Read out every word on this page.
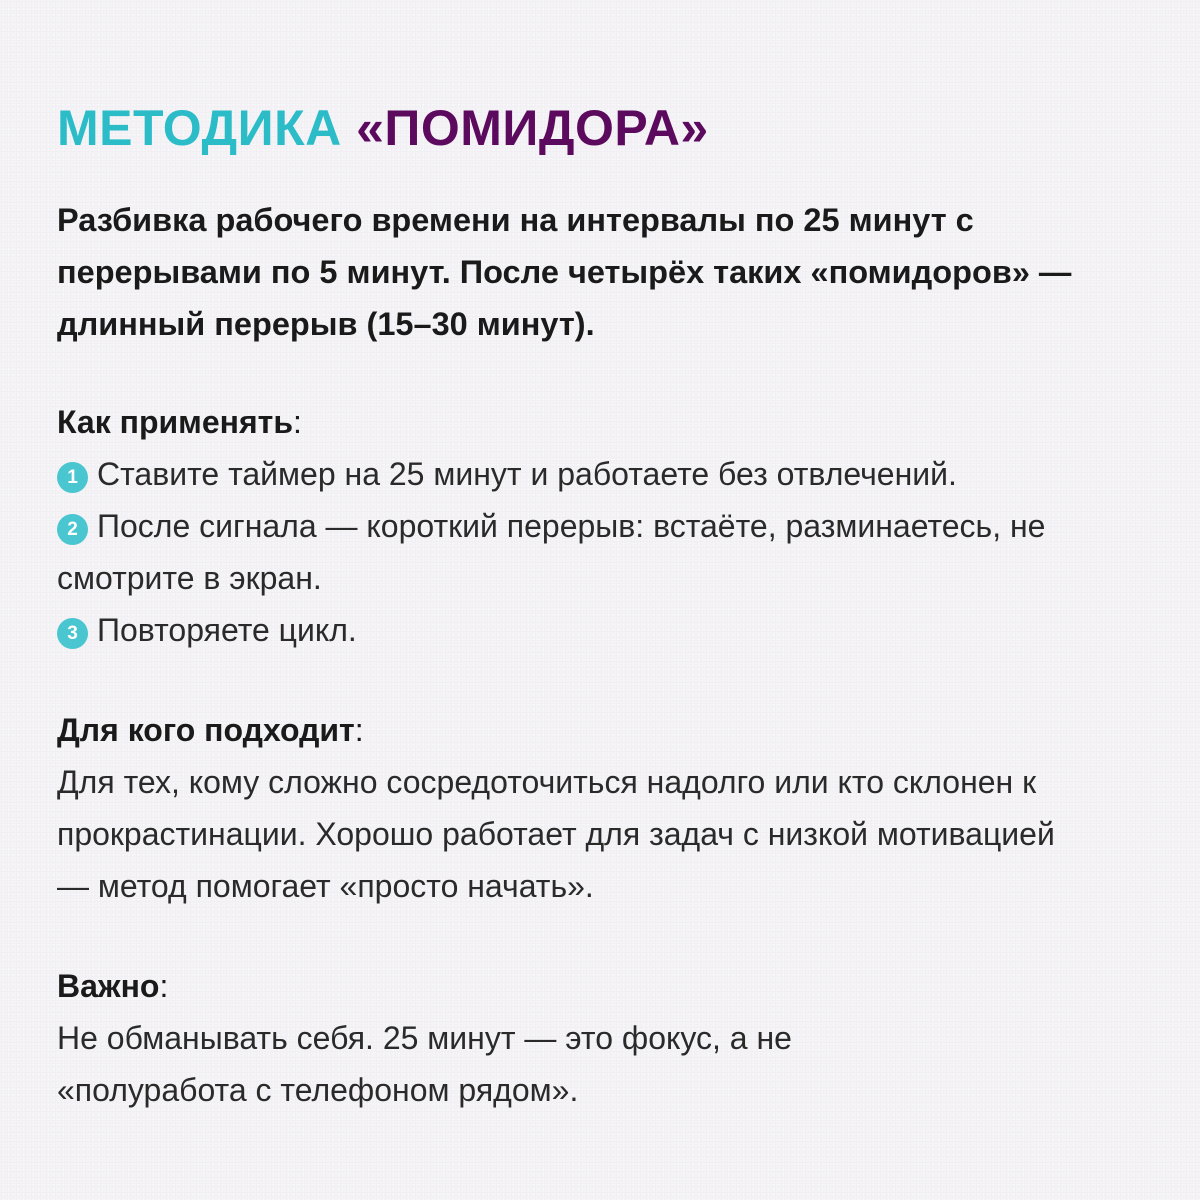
МЕТОДИКА «ПОМИДОРА»

Разбивка рабочего времени на интервалы по 25 минут с перерывами по 5 минут. После четырёх таких «помидоров» — длинный перерыв (15–30 минут).

Как применять:
1 Ставите таймер на 25 минут и работаете без отвлечений.
2 После сигнала — короткий перерыв: встаёте, разминаетесь, не смотрите в экран.
3 Повторяете цикл.
Для кого подходит:

Для тех, кому сложно сосредоточиться надолго или кто склонен к прокрастинации. Хорошо работает для задач с низкой мотивацией — метод помогает «просто начать».

Важно:

Не обманывать себя. 25 минут — это фокус, а не «полуработа с телефоном рядом».
